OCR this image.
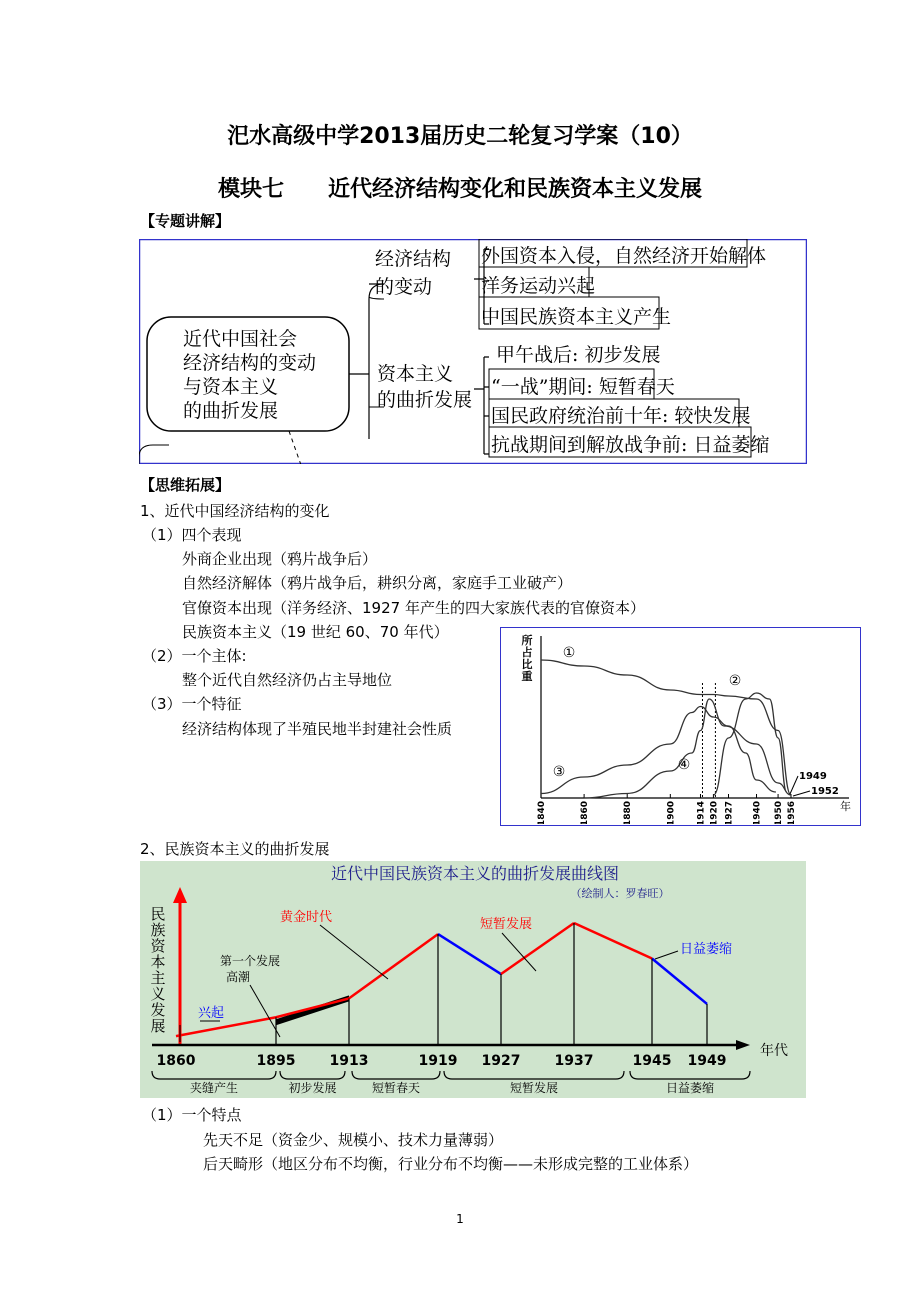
汜水高级中学2013届历史二轮复习学案（10）
模块七　　近代经济结构变化和民族资本主义发展
【专题讲解】
近代中国社会
经济结构的变动
与资本主义
的曲折发展
经济结构
的变动
外国资本入侵，自然经济开始解体
洋务运动兴起
中国民族资本主义产生
资本主义
的曲折发展
甲午战后: 初步发展
“一战”期间: 短暂春天
国民政府统治前十年: 较快发展
抗战期间到解放战争前: 日益萎缩
【思维拓展】
1、近代中国经济结构的变化
（1）四个表现
外商企业出现（鸦片战争后）
自然经济解体（鸦片战争后，耕织分离，家庭手工业破产）
官僚资本出现（洋务经济、1927 年产生的四大家族代表的官僚资本）
民族资本主义（19 世纪 60、70 年代）
（2）一个主体:
整个近代自然经济仍占主导地位
（3）一个特征
经济结构体现了半殖民地半封建社会性质
所
占
比
重
年
1840	1860	1880	1900 1914 1920 1927 1940 1950 1956
①
②
③	④
1949
1952
2、民族资本主义的曲折发展
近代中国民族资本主义的曲折发展曲线图
（绘制人：罗春旺）
民
族
资
本
主
义
发
展
年代
1860	1895 1913	1919 1927 1937	1945 1949
兴起
第一个发展
高潮
黄金时代	短暂发展
日益萎缩
夹缝产生	初步发展	短暂春天	短暂发展	日益萎缩
（1）一个特点
先天不足（资金少、规模小、技术力量薄弱）
后天畸形（地区分布不均衡，行业分布不均衡——未形成完整的工业体系）
1
